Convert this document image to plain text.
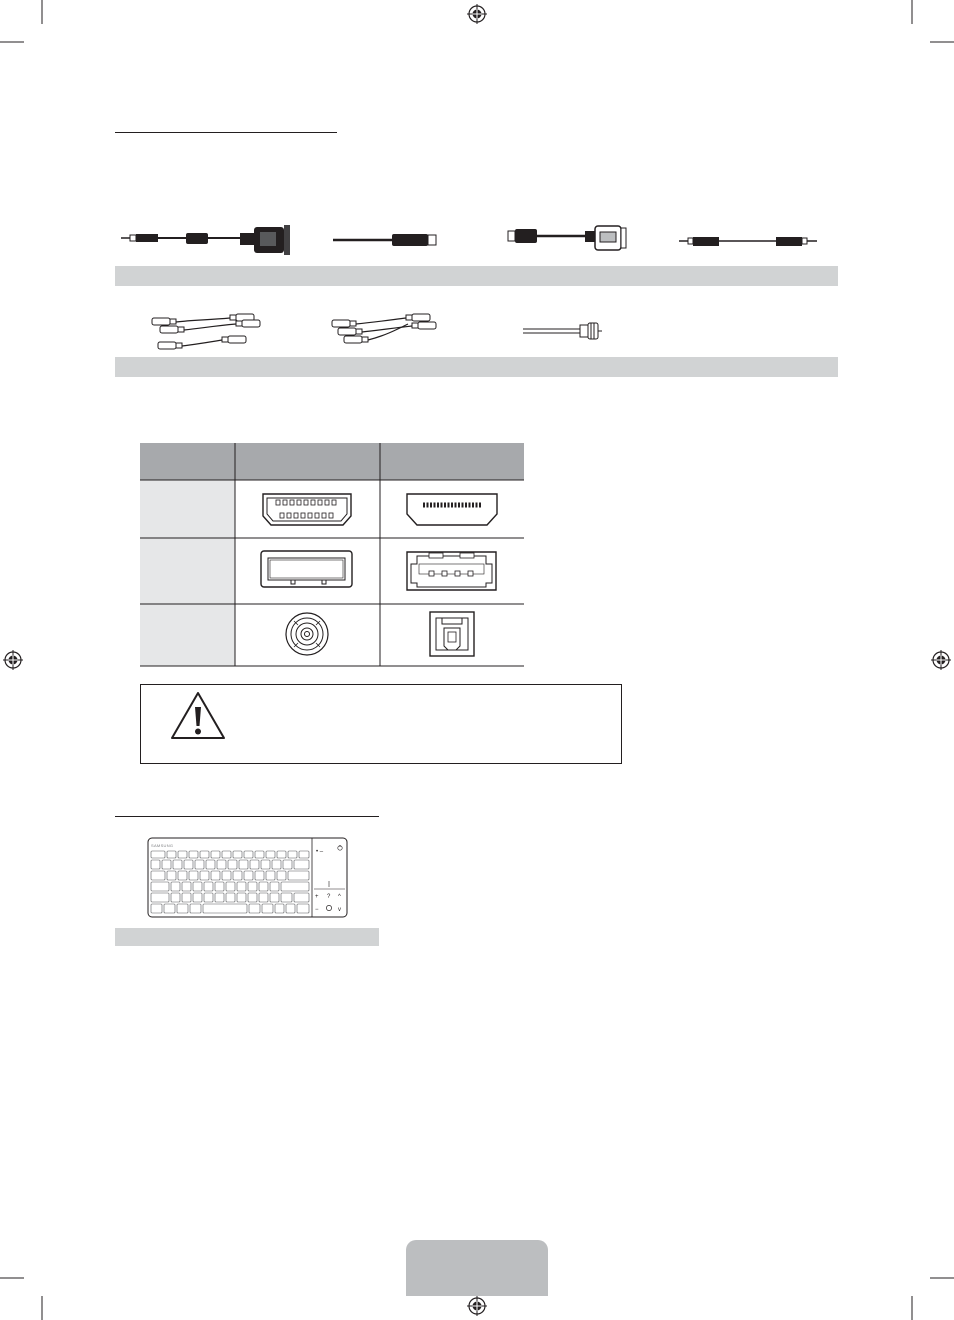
SAMSUNG
• –
+ ? ^
−	v
